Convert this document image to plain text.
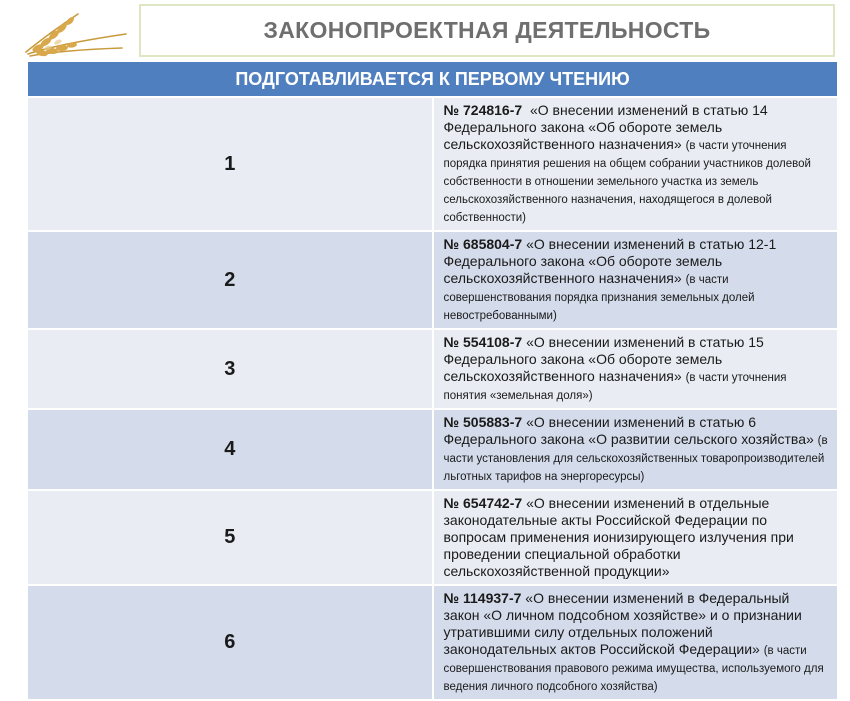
ЗАКОНОПРОЕКТНАЯ ДЕЯТЕЛЬНОСТЬ
ПОДГОТАВЛИВАЕТСЯ К ПЕРВОМУ ЧТЕНИЮ	
1	№ 724816-7 «О внесении изменений в статью 14 Федерального закона «Об обороте земель сельскохозяйственного назначения» (в части уточнения порядка принятия решения на общем собрании участников долевой собственности в отношении земельного участка из земель сельскохозяйственного назначения, находящегося в долевой собственности)
2	№ 685804-7 «О внесении изменений в статью 12-1 Федерального закона «Об обороте земель сельскохозяйственного назначения» (в части совершенствования порядка признания земельных долей невостребованными)
3	№ 554108-7 «О внесении изменений в статью 15 Федерального закона «Об обороте земель сельскохозяйственного назначения» (в части уточнения понятия «земельная доля»)
4	№ 505883-7 «О внесении изменений в статью 6 Федерального закона «О развитии сельского хозяйства» (в части установления для сельскохозяйственных товаропроизводителей льготных тарифов на энергоресурсы)
5	№ 654742-7 «О внесении изменений в отдельные законодательные акты Российской Федерации по вопросам применения ионизирующего излучения при проведении специальной обработки сельскохозяйственной продукции»
6	№ 114937-7 «О внесении изменений в Федеральный закон «О личном подсобном хозяйстве» и о признании утратившими силу отдельных положений законодательных актов Российской Федерации» (в части совершенствования правового режима имущества, используемого для ведения личного подсобного хозяйства)
